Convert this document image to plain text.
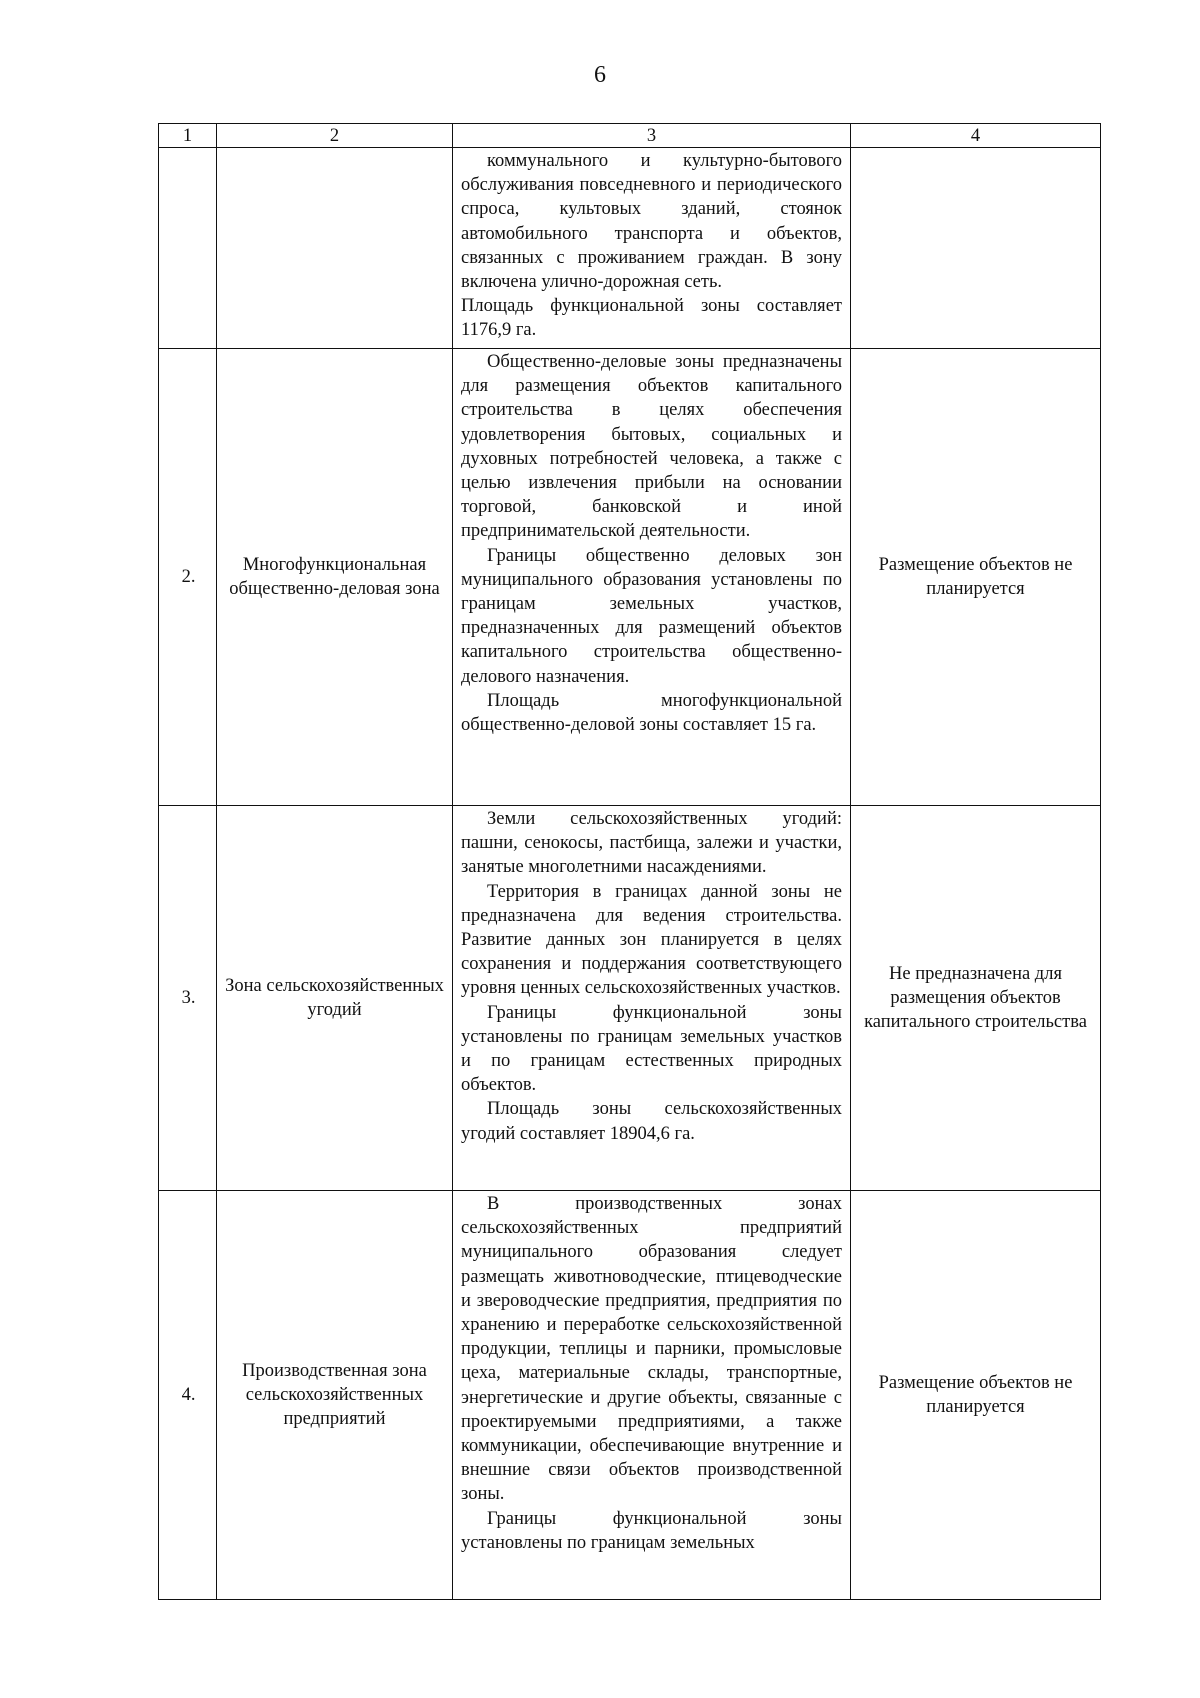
6
1	2	3	4

		коммунального и культурно-бытового обслуживания повседневного и периодического спроса, культовых зданий, стоянок автомобильного транспорта и объектов, связанных с проживанием граждан. В зону включена улично-дорожная сеть.

Площадь функциональной зоны составляет 1176,9 га.	

2.	Многофункциональная общественно-деловая зона	Общественно-деловые зоны предназначены для размещения объектов капитального строительства в целях обеспечения удовлетворения бытовых, социальных и духовных потребностей человека, а также с целью извлечения прибыли на основании торговой, банковской и иной предпринимательской деятельности.

Границы общественно деловых зон муниципального образования установлены по границам земельных участков, предназначенных для размещений объектов капитального строительства общественно-делового назначения.

Площадь многофункциональной общественно-деловой зоны составляет 15 га.	Размещение объектов не планируется
3.	Зона сельскохозяйственных угодий	Земли сельскохозяйственных угодий: пашни, сенокосы, пастбища, залежи и участки, занятые многолетними насаждениями.

Территория в границах данной зоны не предназначена для ведения строительства. Развитие данных зон планируется в целях сохранения и поддержания соответствующего уровня ценных сельскохозяйственных участков.

Границы функциональной зоны установлены по границам земельных участков и по границам естественных природных объектов.

Площадь зоны сельскохозяйственных угодий составляет 18904,6 га.	Не предназначена для размещения объектов капитального строительства
4.	Производственная зона сельскохозяйственных предприятий	В производственных зонах сельскохозяйственных предприятий муниципального образования следует размещать животноводческие, птицеводческие и звероводческие предприятия, предприятия по хранению и переработке сельскохозяйственной продукции, теплицы и парники, промысловые цеха, материальные склады, транспортные, энергетические и другие объекты, связанные с проектируемыми предприятиями, а также коммуникации, обеспечивающие внутренние и внешние связи объектов производственной зоны.

Границы функциональной зоны установлены по границам земельных	Размещение объектов не планируется
